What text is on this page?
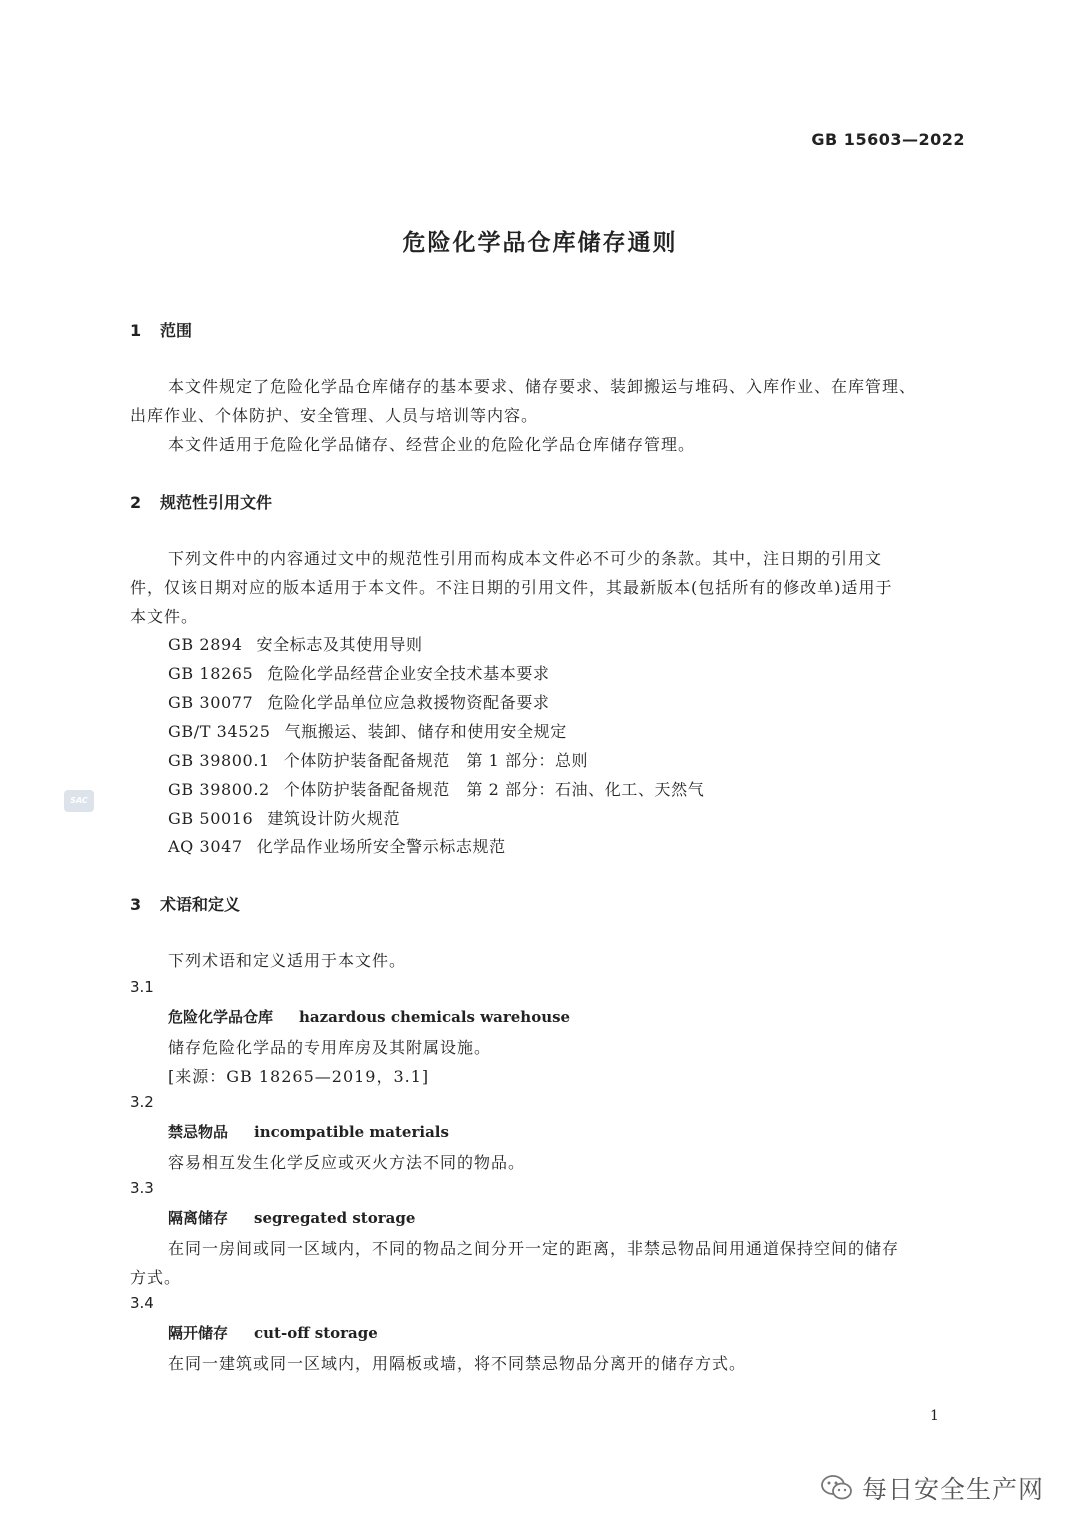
GB 15603—2022
危险化学品仓库储存通则
1 范围
本文件规定了危险化学品仓库储存的基本要求、储存要求、装卸搬运与堆码、入库作业、在库管理、
出库作业、个体防护、安全管理、人员与培训等内容。
本文件适用于危险化学品储存、经营企业的危险化学品仓库储存管理。
2 规范性引用文件
下列文件中的内容通过文中的规范性引用而构成本文件必不可少的条款。其中，注日期的引用文
件，仅该日期对应的版本适用于本文件。不注日期的引用文件，其最新版本(包括所有的修改单)适用于
本文件。
GB 2894 安全标志及其使用导则
GB 18265 危险化学品经营企业安全技术基本要求
GB 30077 危险化学品单位应急救援物资配备要求
GB/T 34525 气瓶搬运、装卸、储存和使用安全规定
GB 39800.1 个体防护装备配备规范　第 1 部分：总则
GB 39800.2 个体防护装备配备规范　第 2 部分：石油、化工、天然气
GB 50016 建筑设计防火规范
AQ 3047 化学品作业场所安全警示标志规范
SAC
3 术语和定义
下列术语和定义适用于本文件。
3.1
危险化学品仓库 hazardous chemicals warehouse
储存危险化学品的专用库房及其附属设施。
[来源：GB 18265—2019，3.1]
3.2
禁忌物品 incompatible materials
容易相互发生化学反应或灭火方法不同的物品。
3.3
隔离储存 segregated storage
在同一房间或同一区域内，不同的物品之间分开一定的距离，非禁忌物品间用通道保持空间的储存
方式。
3.4
隔开储存 cut-off storage
在同一建筑或同一区域内，用隔板或墙，将不同禁忌物品分离开的储存方式。
1
每日安全生产网
